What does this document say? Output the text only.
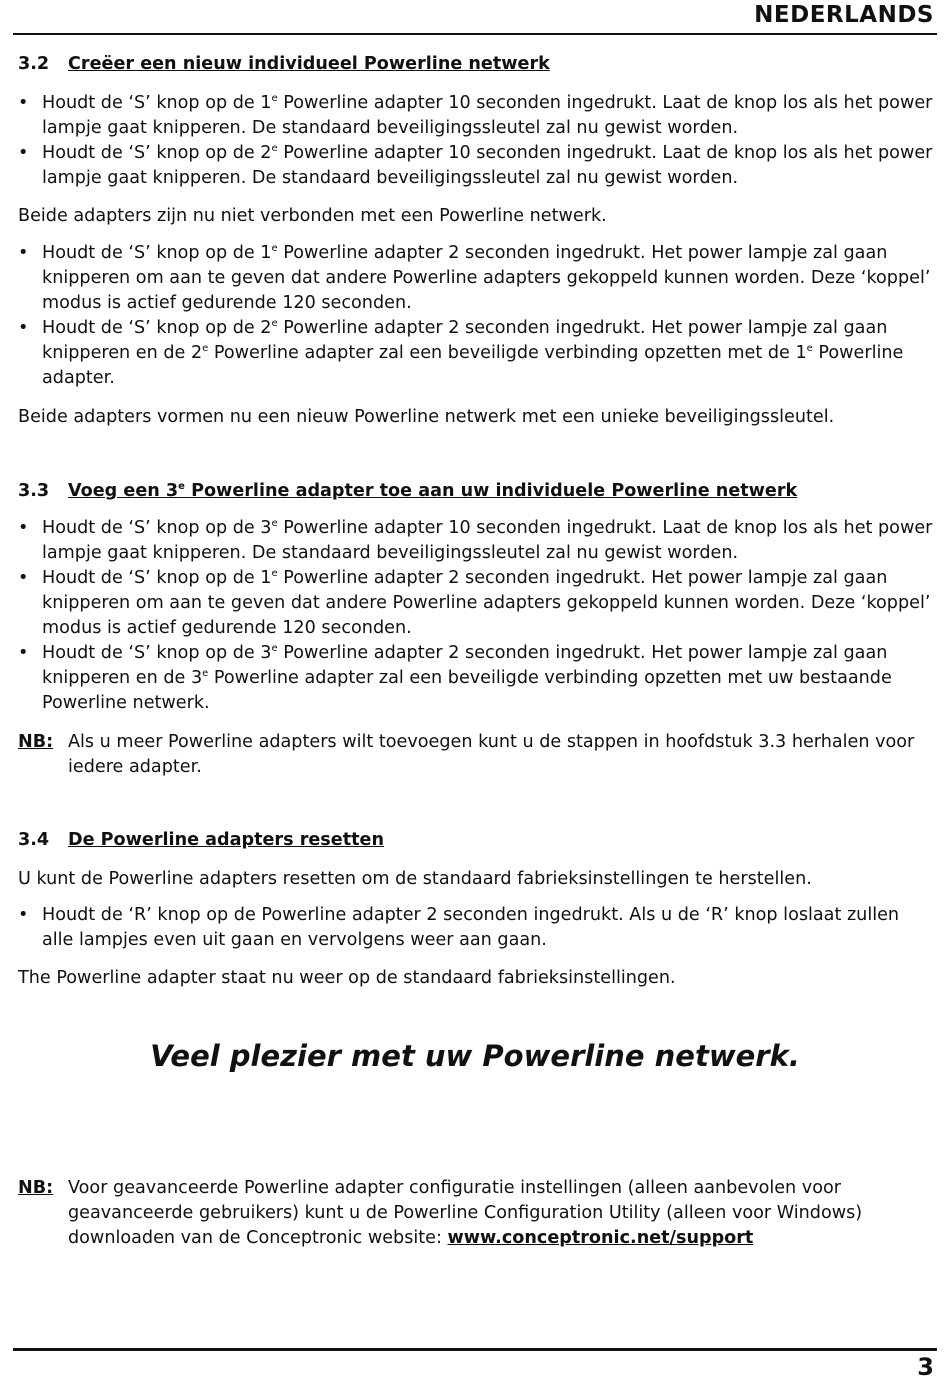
NEDERLANDS
3.2 Creëer een nieuw individueel Powerline netwerk
• Houdt de ‘S’ knop op de 1e Powerline adapter 10 seconden ingedrukt. Laat de knop los als het power lampje gaat knipperen. De standaard beveiligingssleutel zal nu gewist worden.
• Houdt de ‘S’ knop op de 2e Powerline adapter 10 seconden ingedrukt. Laat de knop los als het power lampje gaat knipperen. De standaard beveiligingssleutel zal nu gewist worden.

Beide adapters zijn nu niet verbonden met een Powerline netwerk.

• Houdt de ‘S’ knop op de 1e Powerline adapter 2 seconden ingedrukt. Het power lampje zal gaan knipperen om aan te geven dat andere Powerline adapters gekoppeld kunnen worden. Deze ‘koppel’ modus is actief gedurende 120 seconden.
• Houdt de ‘S’ knop op de 2e Powerline adapter 2 seconden ingedrukt. Het power lampje zal gaan knipperen en de 2e Powerline adapter zal een beveiligde verbinding opzetten met de 1e Powerline adapter.

Beide adapters vormen nu een nieuw Powerline netwerk met een unieke beveiligingssleutel.

3.3 Voeg een 3e Powerline adapter toe aan uw individuele Powerline netwerk
• Houdt de ‘S’ knop op de 3e Powerline adapter 10 seconden ingedrukt. Laat de knop los als het power lampje gaat knipperen. De standaard beveiligingssleutel zal nu gewist worden.
• Houdt de ‘S’ knop op de 1e Powerline adapter 2 seconden ingedrukt. Het power lampje zal gaan knipperen om aan te geven dat andere Powerline adapters gekoppeld kunnen worden. Deze ‘koppel’ modus is actief gedurende 120 seconden.
• Houdt de ‘S’ knop op de 3e Powerline adapter 2 seconden ingedrukt. Het power lampje zal gaan knipperen en de 3e Powerline adapter zal een beveiligde verbinding opzetten met uw bestaande Powerline netwerk.
NB: Als u meer Powerline adapters wilt toevoegen kunt u de stappen in hoofdstuk 3.3 herhalen voor iedere adapter.
3.4 De Powerline adapters resetten

U kunt de Powerline adapters resetten om de standaard fabrieksinstellingen te herstellen.

• Houdt de ‘R’ knop op de Powerline adapter 2 seconden ingedrukt. Als u de ‘R’ knop loslaat zullen alle lampjes even uit gaan en vervolgens weer aan gaan.

The Powerline adapter staat nu weer op de standaard fabrieksinstellingen.

Veel plezier met uw Powerline netwerk.
NB: Voor geavanceerde Powerline adapter configuratie instellingen (alleen aanbevolen voor geavanceerde gebruikers) kunt u de Powerline Configuration Utility (alleen voor Windows) downloaden van de Conceptronic website: www.conceptronic.net/support
3
